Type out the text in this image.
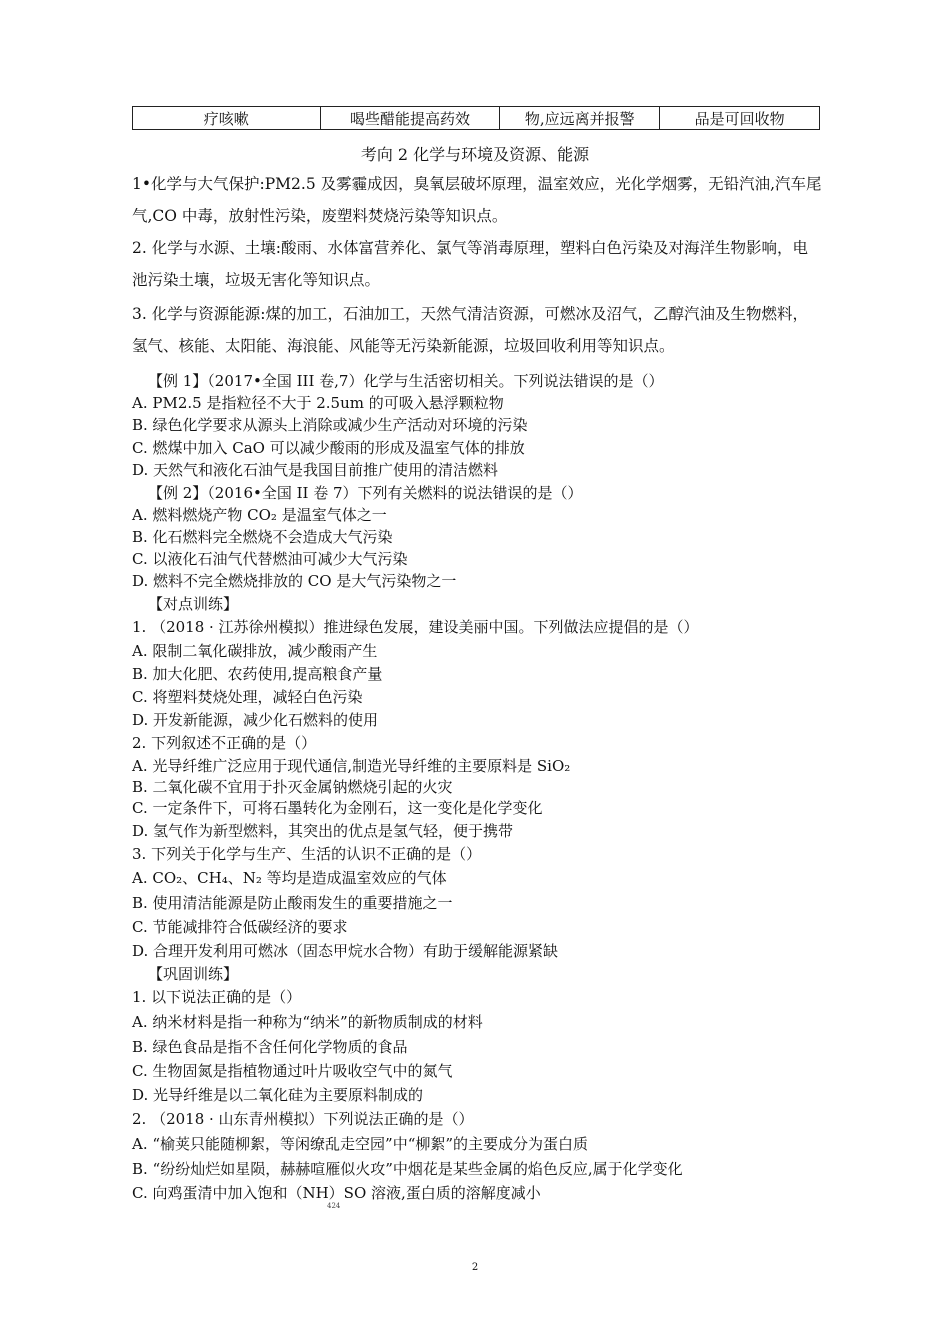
疗咳嗽	喝些醋能提高药效	物,应远离并报警	品是可回收物
考向 2 化学与环境及资源、能源
1•化学与大气保护:PM2.5 及雾霾成因，臭氧层破坏原理，温室效应，光化学烟雾，无铅汽油,汽车尾气,CO 中毒，放射性污染，废塑料焚烧污染等知识点。
2. 化学与水源、土壤:酸雨、水体富营养化、氯气等消毒原理，塑料白色污染及对海洋生物影响，电池污染土壤，垃圾无害化等知识点。
3. 化学与资源能源:煤的加工，石油加工，天然气清洁资源，可燃冰及沼气，乙醇汽油及生物燃料，氢气、核能、太阳能、海浪能、风能等无污染新能源，垃圾回收利用等知识点。
【例 1】（2017•全国 III 卷,7）化学与生活密切相关。下列说法错误的是（）
A. PM2.5 是指粒径不大于 2.5um 的可吸入悬浮颗粒物
B. 绿色化学要求从源头上消除或减少生产活动对环境的污染
C. 燃煤中加入 CaO 可以减少酸雨的形成及温室气体的排放
D. 天然气和液化石油气是我国目前推广使用的清洁燃料
【例 2】（2016•全国 II 卷 7）下列有关燃料的说法错误的是（）
A. 燃料燃烧产物 CO₂ 是温室气体之一
B. 化石燃料完全燃烧不会造成大气污染
C. 以液化石油气代替燃油可减少大气污染
D. 燃料不完全燃烧排放的 CO 是大气污染物之一
【对点训练】
1. （2018 · 江苏徐州模拟）推进绿色发展，建设美丽中国。下列做法应提倡的是（）
A. 限制二氧化碳排放，减少酸雨产生
B. 加大化肥、农药使用,提高粮食产量
C. 将塑料焚烧处理，减轻白色污染
D. 开发新能源，减少化石燃料的使用
2. 下列叙述不正确的是（）
A. 光导纤维广泛应用于现代通信,制造光导纤维的主要原料是 SiO₂
B. 二氧化碳不宜用于扑灭金属钠燃烧引起的火灾
C. 一定条件下，可将石墨转化为金刚石，这一变化是化学变化
D. 氢气作为新型燃料，其突出的优点是氢气轻，便于携带
3. 下列关于化学与生产、生活的认识不正确的是（）
A. CO₂、CH₄、N₂ 等均是造成温室效应的气体
B. 使用清洁能源是防止酸雨发生的重要措施之一
C. 节能减排符合低碳经济的要求
D. 合理开发利用可燃冰（固态甲烷水合物）有助于缓解能源紧缺
【巩固训练】
1. 以下说法正确的是（）
A. 纳米材料是指一种称为“纳米”的新物质制成的材料
B. 绿色食品是指不含任何化学物质的食品
C. 生物固氮是指植物通过叶片吸收空气中的氮气
D. 光导纤维是以二氧化硅为主要原料制成的
2. （2018 · 山东青州模拟）下列说法正确的是（）
A. “榆荚只能随柳絮，等闲缭乱走空园”中“柳絮”的主要成分为蛋白质
B. “纷纷灿烂如星陨，赫赫喧雁似火攻”中烟花是某些金属的焰色反应,属于化学变化
C. 向鸡蛋清中加入饱和（NH）SO 溶液,蛋白质的溶解度减小
424
2
